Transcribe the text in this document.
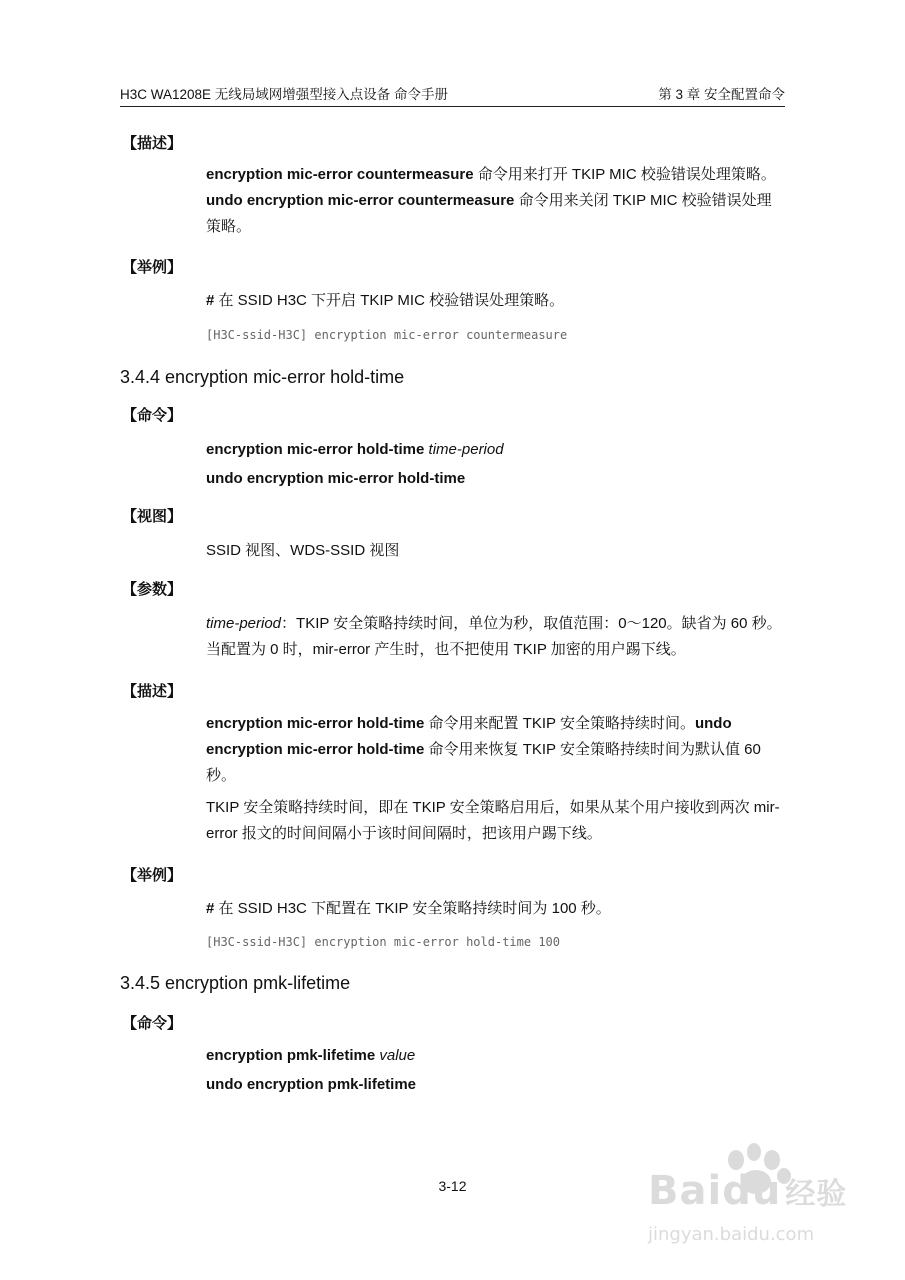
H3C WA1208E 无线局域网增强型接入点设备 命令手册	第 3 章 安全配置命令
【描述】
encryption mic-error countermeasure 命令用来打开 TKIP MIC 校验错误处理策略。undo encryption mic-error countermeasure 命令用来关闭 TKIP MIC 校验错误处理策略。
【举例】
# 在 SSID H3C 下开启 TKIP MIC 校验错误处理策略。
[H3C-ssid-H3C] encryption mic-error countermeasure
3.4.4 encryption mic-error hold-time
【命令】
encryption mic-error hold-time time-period
undo encryption mic-error hold-time
【视图】
SSID 视图、WDS-SSID 视图
【参数】
time-period：TKIP 安全策略持续时间，单位为秒，取值范围：0～120。缺省为 60 秒。当配置为 0 时，mir-error 产生时，也不把使用 TKIP 加密的用户踢下线。
【描述】
encryption mic-error hold-time 命令用来配置 TKIP 安全策略持续时间。undo encryption mic-error hold-time 命令用来恢复 TKIP 安全策略持续时间为默认值 60 秒。
TKIP 安全策略持续时间，即在 TKIP 安全策略启用后，如果从某个用户接收到两次 mir-error 报文的时间间隔小于该时间间隔时，把该用户踢下线。
【举例】
# 在 SSID H3C 下配置在 TKIP 安全策略持续时间为 100 秒。
[H3C-ssid-H3C] encryption mic-error hold-time 100
3.4.5 encryption pmk-lifetime
【命令】
encryption pmk-lifetime value
undo encryption pmk-lifetime
3-12	Baidu 经验
jingyan.baidu.com
